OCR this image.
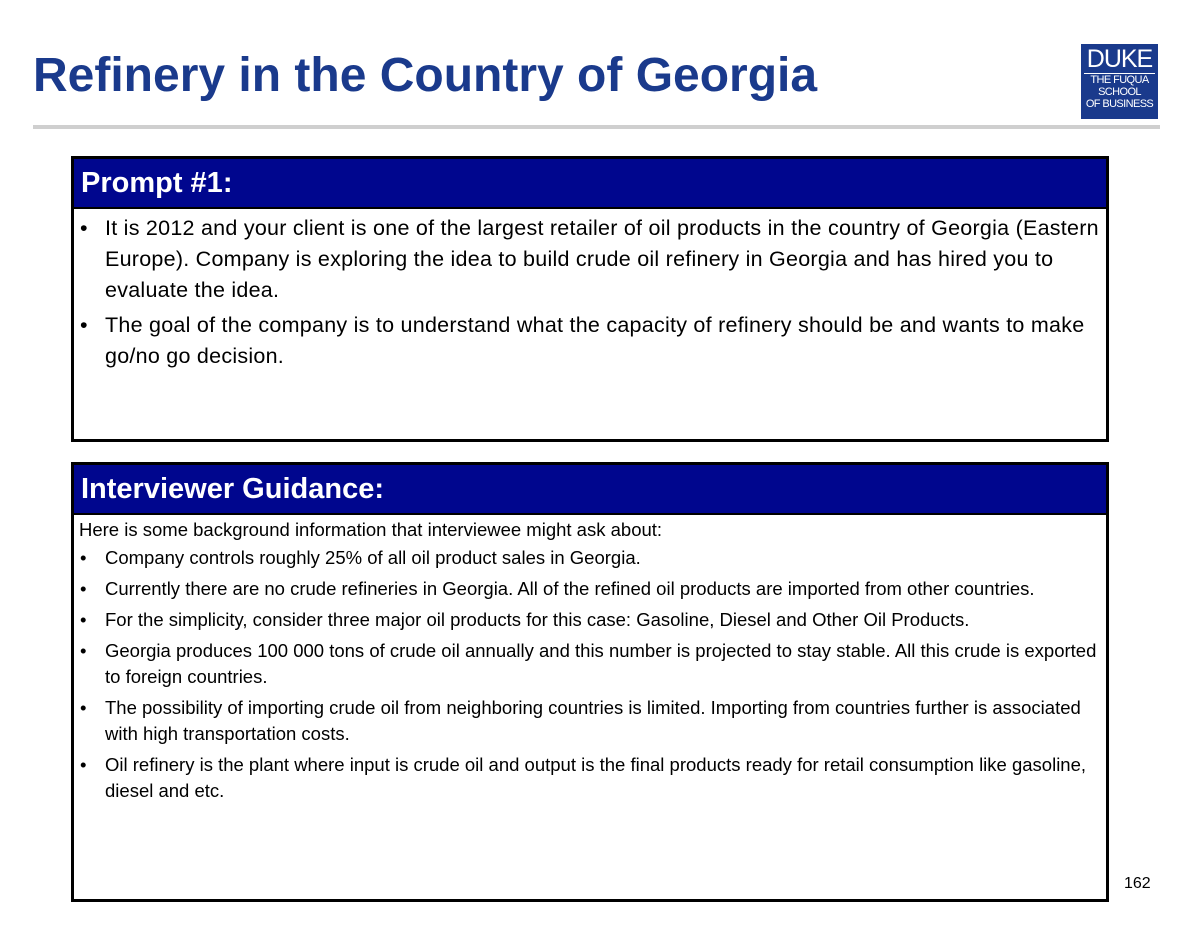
Refinery in the Country of Georgia	DUKE
THE FUQUA
SCHOOL
OF BUSINESS
Prompt #1:
• It is 2012 and your client is one of the largest retailer of oil products in the country of Georgia (Eastern Europe). Company is exploring the idea to build crude oil refinery in Georgia and has hired you to evaluate the idea.
• The goal of the company is to understand what the capacity of refinery should be and wants to make go/no go decision.
Interviewer Guidance:

Here is some background information that interviewee might ask about:

• Company controls roughly 25% of all oil product sales in Georgia.
• Currently there are no crude refineries in Georgia. All of the refined oil products are imported from other countries.
• For the simplicity, consider three major oil products for this case: Gasoline, Diesel and Other Oil Products.
• Georgia produces 100 000 tons of crude oil annually and this number is projected to stay stable. All this crude is exported to foreign countries.
• The possibility of importing crude oil from neighboring countries is limited. Importing from countries further is associated with high transportation costs.
• Oil refinery is the plant where input is crude oil and output is the final products ready for retail consumption like gasoline, diesel and etc.
162
